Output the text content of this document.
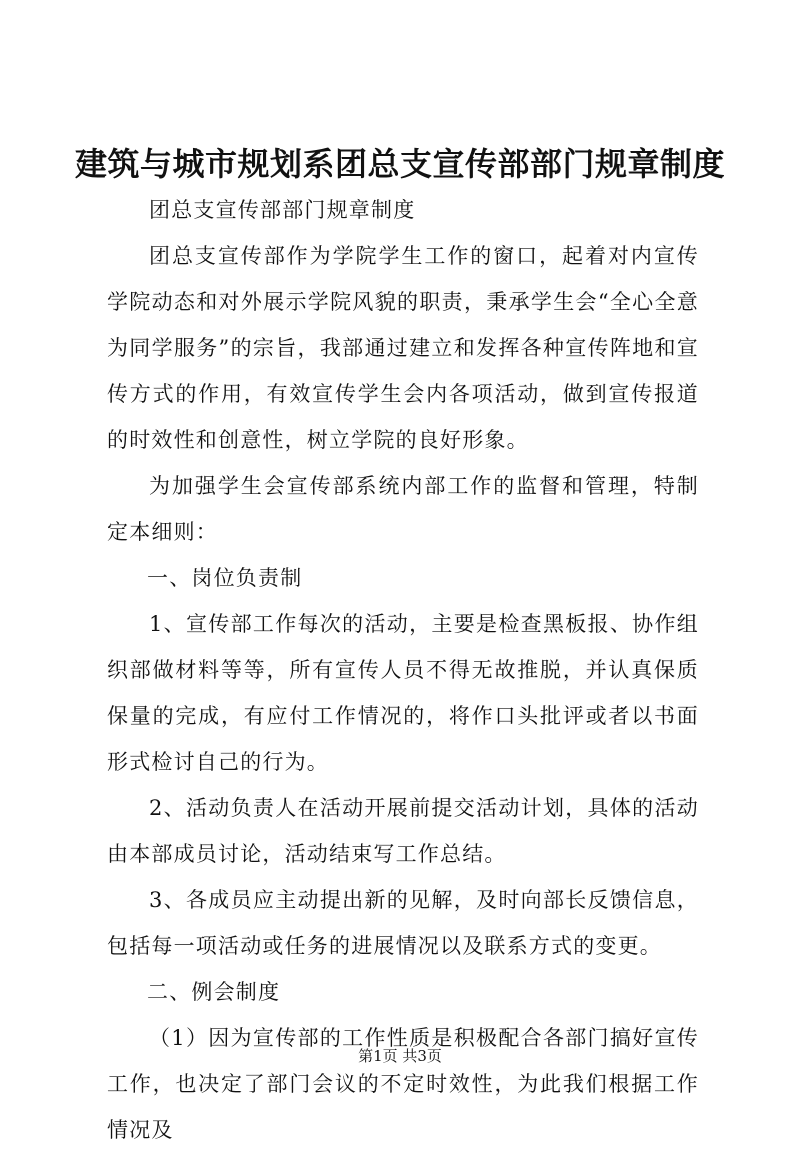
建筑与城市规划系团总支宣传部部门规章制度

团总支宣传部部门规章制度

团总支宣传部作为学院学生工作的窗口，起着对内宣传学院动态和对外展示学院风貌的职责，秉承学生会“全心全意为同学服务”的宗旨，我部通过建立和发挥各种宣传阵地和宣传方式的作用，有效宣传学生会内各项活动，做到宣传报道的时效性和创意性，树立学院的良好形象。

为加强学生会宣传部系统内部工作的监督和管理，特制定本细则：

一、岗位负责制

1、宣传部工作每次的活动，主要是检查黑板报、协作组织部做材料等等，所有宣传人员不得无故推脱，并认真保质保量的完成，有应付工作情况的，将作口头批评或者以书面形式检讨自己的行为。

2、活动负责人在活动开展前提交活动计划，具体的活动由本部成员讨论，活动结束写工作总结。

3、各成员应主动提出新的见解，及时向部长反馈信息，包括每一项活动或任务的进展情况以及联系方式的变更。

二、例会制度

（1）因为宣传部的工作性质是积极配合各部门搞好宣传工作，也决定了部门会议的不定时效性，为此我们根据工作情况及

第1页 共3页
